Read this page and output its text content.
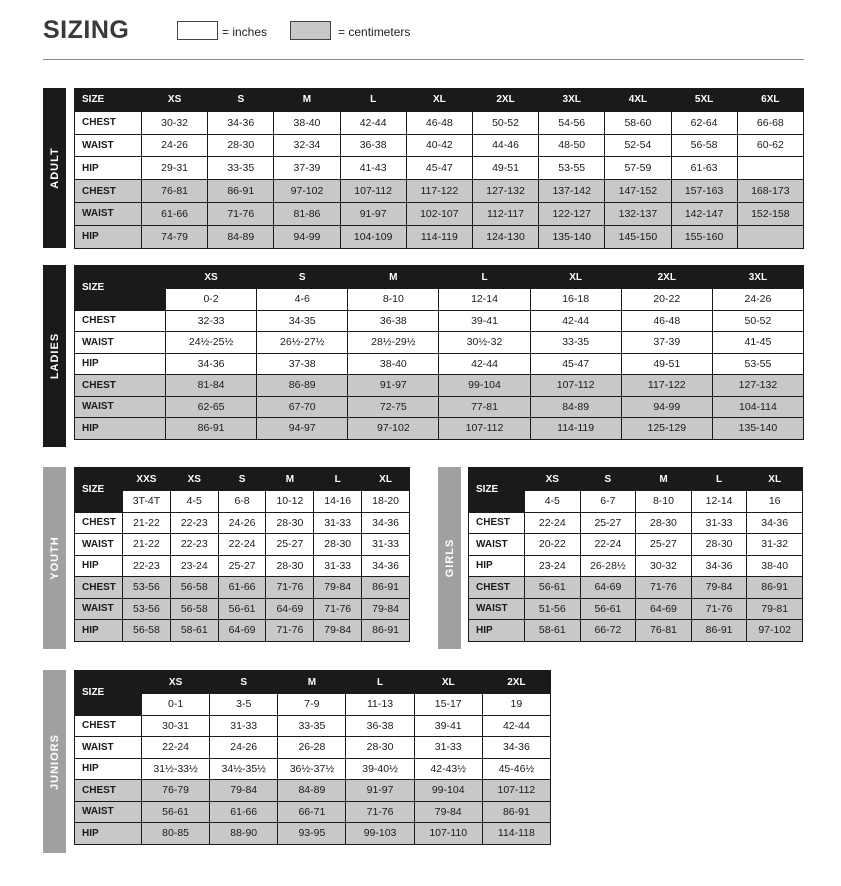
SIZING	= inches	= centimeters
ADULT
SIZE	XS	S	M	L	XL	2XL	3XL	4XL	5XL	6XL
CHEST	30-32	34-36	38-40	42-44	46-48	50-52	54-56	58-60	62-64	66-68
WAIST	24-26	28-30	32-34	36-38	40-42	44-46	48-50	52-54	56-58	60-62
HIP	29-31	33-35	37-39	41-43	45-47	49-51	53-55	57-59	61-63	
CHEST	76-81	86-91	97-102	107-112	117-122	127-132	137-142	147-152	157-163	168-173
WAIST	61-66	71-76	81-86	91-97	102-107	112-117	122-127	132-137	142-147	152-158
HIP	74-79	84-89	94-99	104-109	114-119	124-130	135-140	145-150	155-160	
LADIES
SIZE	XS	S	M	L	XL	2XL	3XL
	0-2	4-6	8-10	12-14	16-18	20-22	24-26
CHEST	32-33	34-35	36-38	39-41	42-44	46-48	50-52
WAIST	24½-25½	26½-27½	28½-29½	30½-32	33-35	37-39	41-45
HIP	34-36	37-38	38-40	42-44	45-47	49-51	53-55
CHEST	81-84	86-89	91-97	99-104	107-112	117-122	127-132
WAIST	62-65	67-70	72-75	77-81	84-89	94-99	104-114
HIP	86-91	94-97	97-102	107-112	114-119	125-129	135-140
YOUTH
SIZE	XXS	XS	S	M	L	XL
	3T-4T	4-5	6-8	10-12	14-16	18-20
CHEST	21-22	22-23	24-26	28-30	31-33	34-36
WAIST	21-22	22-23	22-24	25-27	28-30	31-33
HIP	22-23	23-24	25-27	28-30	31-33	34-36
CHEST	53-56	56-58	61-66	71-76	79-84	86-91
WAIST	53-56	56-58	56-61	64-69	71-76	79-84
HIP	56-58	58-61	64-69	71-76	79-84	86-91
GIRLS
SIZE	XS	S	M	L	XL
	4-5	6-7	8-10	12-14	16
CHEST	22-24	25-27	28-30	31-33	34-36
WAIST	20-22	22-24	25-27	28-30	31-32
HIP	23-24	26-28½	30-32	34-36	38-40
CHEST	56-61	64-69	71-76	79-84	86-91
WAIST	51-56	56-61	64-69	71-76	79-81
HIP	58-61	66-72	76-81	86-91	97-102
JUNIORS
SIZE	XS	S	M	L	XL	2XL
	0-1	3-5	7-9	11-13	15-17	19
CHEST	30-31	31-33	33-35	36-38	39-41	42-44
WAIST	22-24	24-26	26-28	28-30	31-33	34-36
HIP	31½-33½	34½-35½	36½-37½	39-40½	42-43½	45-46½
CHEST	76-79	79-84	84-89	91-97	99-104	107-112
WAIST	56-61	61-66	66-71	71-76	79-84	86-91
HIP	80-85	88-90	93-95	99-103	107-110	114-118
